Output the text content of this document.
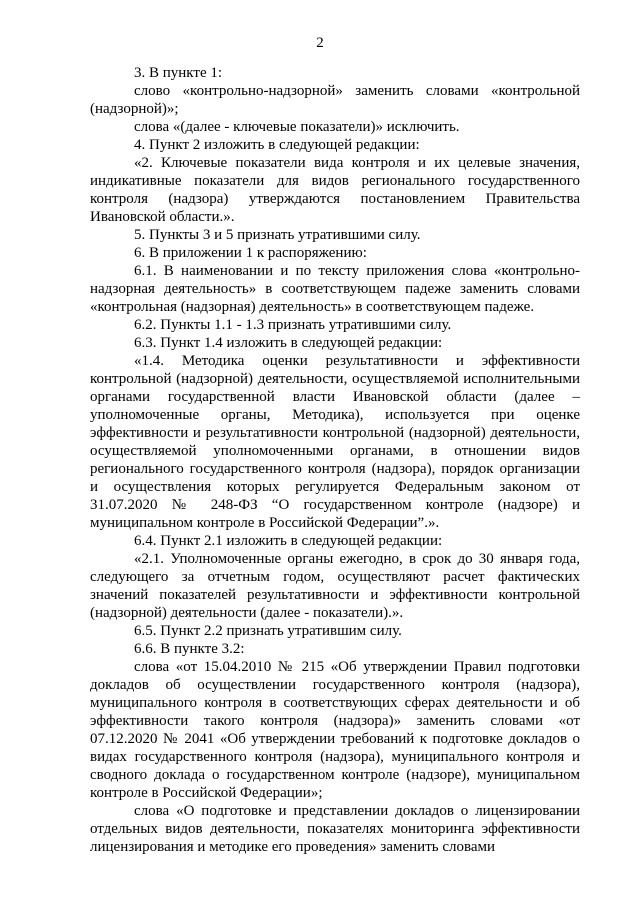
2

3. В пункте 1:

слово «контрольно-надзорной» заменить словами «контрольной (надзорной)»;

слова «(далее - ключевые показатели)» исключить.

4. Пункт 2 изложить в следующей редакции:

«2. Ключевые показатели вида контроля и их целевые значения, индикативные показатели для видов регионального государственного контроля (надзора) утверждаются постановлением Правительства Ивановской области.».

5. Пункты 3 и 5 признать утратившими силу.

6. В приложении 1 к распоряжению:

6.1. В наименовании и по тексту приложения слова «контрольно-надзорная деятельность» в соответствующем падеже заменить словами «контрольная (надзорная) деятельность» в соответствующем падеже.

6.2. Пункты 1.1 - 1.3 признать утратившими силу.

6.3. Пункт 1.4 изложить в следующей редакции:

«1.4. Методика оценки результативности и эффективности контрольной (надзорной) деятельности, осуществляемой исполнительными органами государственной власти Ивановской области (далее – уполномоченные органы, Методика), используется при оценке эффективности и результативности контрольной (надзорной) деятельности, осуществляемой уполномоченными органами, в отношении видов регионального государственного контроля (надзора), порядок организации и осуществления которых регулируется Федеральным законом от 31.07.2020 № 248-ФЗ “О государственном контроле (надзоре) и муниципальном контроле в Российской Федерации”.».

6.4. Пункт 2.1 изложить в следующей редакции:

«2.1. Уполномоченные органы ежегодно, в срок до 30 января года, следующего за отчетным годом, осуществляют расчет фактических значений показателей результативности и эффективности контрольной (надзорной) деятельности (далее - показатели).».

6.5. Пункт 2.2 признать утратившим силу.

6.6. В пункте 3.2:

слова «от 15.04.2010 № 215 «Об утверждении Правил подготовки докладов об осуществлении государственного контроля (надзора), муниципального контроля в соответствующих сферах деятельности и об эффективности такого контроля (надзора)» заменить словами «от 07.12.2020 № 2041 «Об утверждении требований к подготовке докладов о видах государственного контроля (надзора), муниципального контроля и сводного доклада о государственном контроле (надзоре), муниципальном контроле в Российской Федерации»;

слова «О подготовке и представлении докладов о лицензировании отдельных видов деятельности, показателях мониторинга эффективности лицензирования и методике его проведения» заменить словами
